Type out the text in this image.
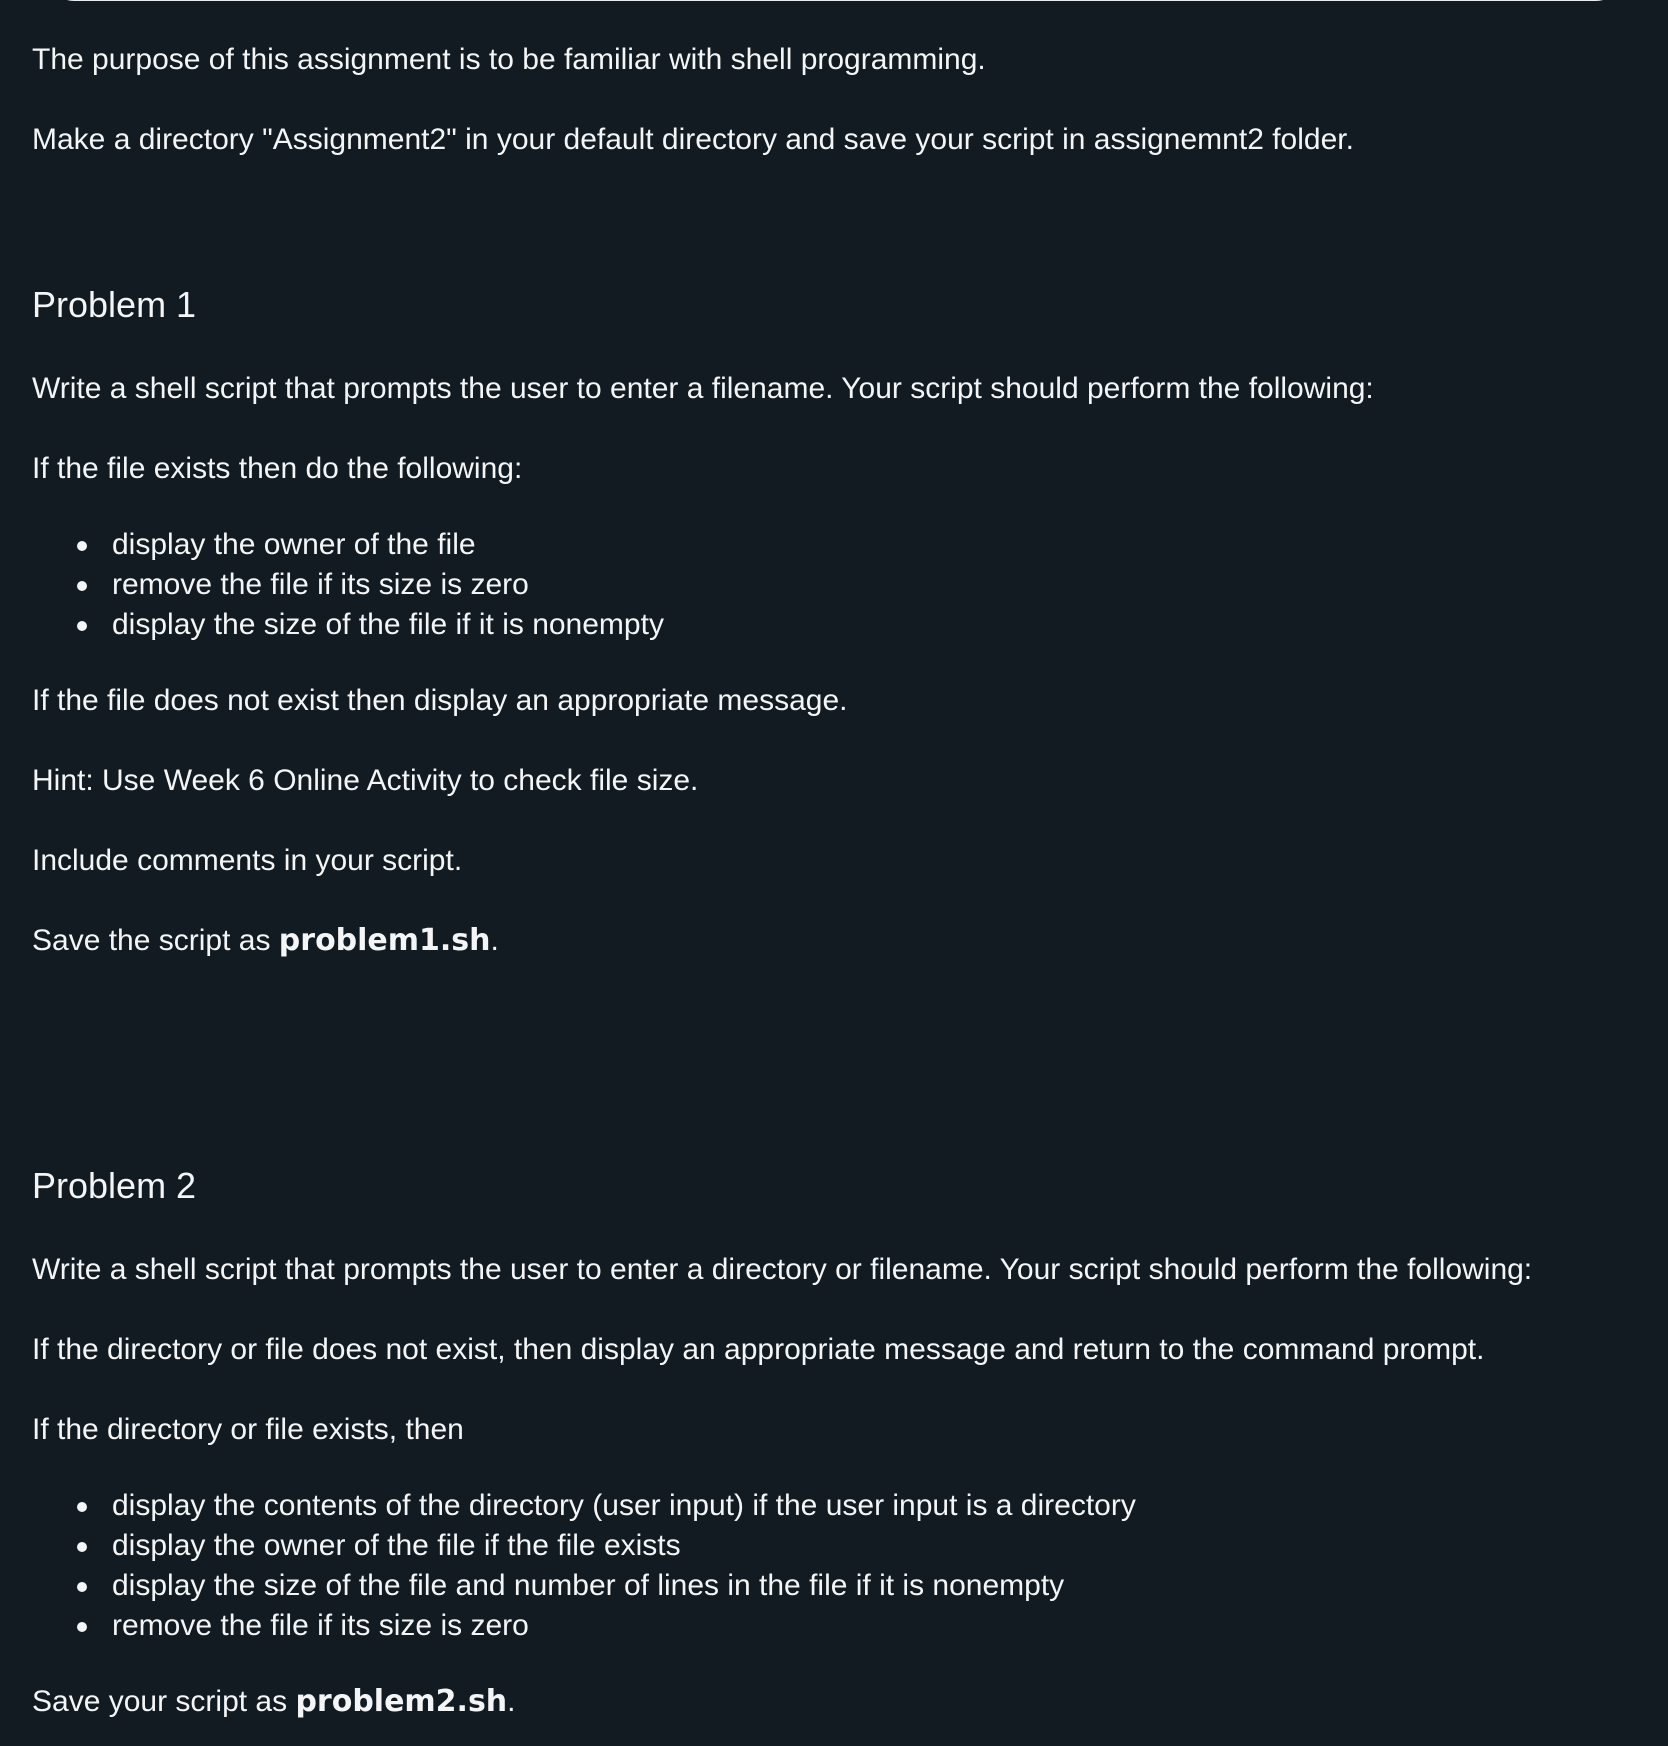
The purpose of this assignment is to be familiar with shell programming.

Make a directory "Assignment2" in your default directory and save your script in assignemnt2 folder.

Problem 1

Write a shell script that prompts the user to enter a filename. Your script should perform the following:

If the file exists then do the following:

display the owner of the file
remove the file if its size is zero
display the size of the file if it is nonempty

If the file does not exist then display an appropriate message.

Hint: Use Week 6 Online Activity to check file size.

Include comments in your script.

Save the script as problem1.sh.

Problem 2

Write a shell script that prompts the user to enter a directory or filename. Your script should perform the following:

If the directory or file does not exist, then display an appropriate message and return to the command prompt.

If the directory or file exists, then

display the contents of the directory (user input) if the user input is a directory
display the owner of the file if the file exists
display the size of the file and number of lines in the file if it is nonempty
remove the file if its size is zero

Save your script as problem2.sh.
